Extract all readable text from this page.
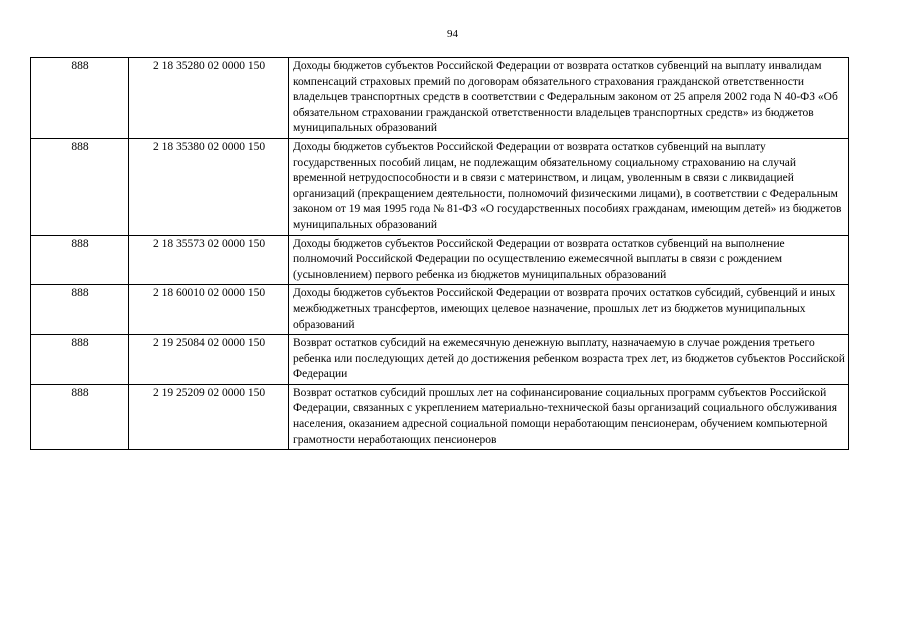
94
888	2 18 35280 02 0000 150	Доходы бюджетов субъектов Российской Федерации от возврата остатков субвенций на выплату инвалидам компенсаций страховых премий по договорам обязательного страхования гражданской ответственности владельцев транспортных средств в соответствии с Федеральным законом от 25 апреля 2002 года N 40-ФЗ «Об обязательном страховании гражданской ответственности владельцев транспортных средств» из бюджетов муниципальных образований
888	2 18 35380 02 0000 150	Доходы бюджетов субъектов Российской Федерации от возврата остатков субвенций на выплату государственных пособий лицам, не подлежащим обязательному социальному страхованию на случай временной нетрудоспособности и в связи с материнством, и лицам, уволенным в связи с ликвидацией организаций (прекращением деятельности, полномочий физическими лицами), в соответствии с Федеральным законом от 19 мая 1995 года № 81-ФЗ «О государственных пособиях гражданам, имеющим детей» из бюджетов муниципальных образований
888	2 18 35573 02 0000 150	Доходы бюджетов субъектов Российской Федерации от возврата остатков субвенций на выполнение полномочий Российской Федерации по осуществлению ежемесячной выплаты в связи с рождением (усыновлением) первого ребенка из бюджетов муниципальных образований
888	2 18 60010 02 0000 150	Доходы бюджетов субъектов Российской Федерации от возврата прочих остатков субсидий, субвенций и иных межбюджетных трансфертов, имеющих целевое назначение, прошлых лет из бюджетов муниципальных образований
888	2 19 25084 02 0000 150	Возврат остатков субсидий на ежемесячную денежную выплату, назначаемую в случае рождения третьего ребенка или последующих детей до достижения ребенком возраста трех лет, из бюджетов субъектов Российской Федерации
888	2 19 25209 02 0000 150	Возврат остатков субсидий прошлых лет на софинансирование социальных программ субъектов Российской Федерации, связанных с укреплением материально-технической базы организаций социального обслуживания населения, оказанием адресной социальной помощи неработающим пенсионерам, обучением компьютерной грамотности неработающих пенсионеров
